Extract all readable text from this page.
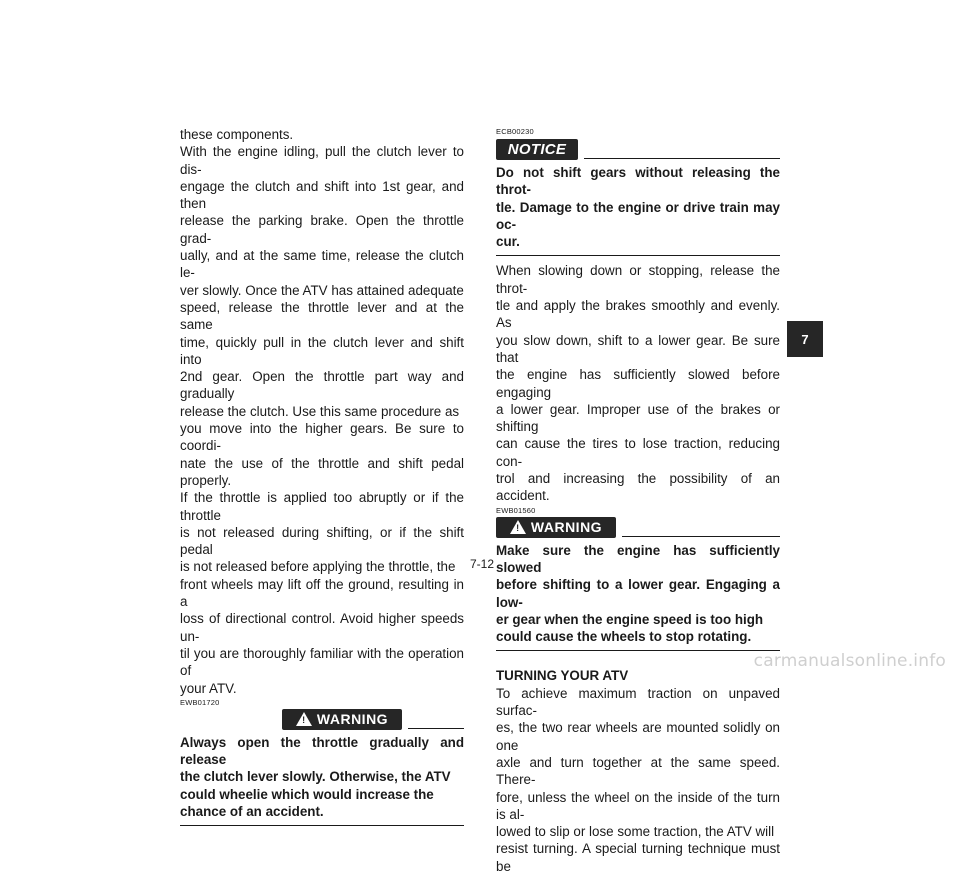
these components.
With the engine idling, pull the clutch lever to dis-
engage the clutch and shift into 1st gear, and then
release the parking brake. Open the throttle grad-
ually, and at the same time, release the clutch le-
ver slowly. Once the ATV has attained adequate
speed, release the throttle lever and at the same
time, quickly pull in the clutch lever and shift into
2nd gear. Open the throttle part way and gradually
release the clutch. Use this same procedure as
you move into the higher gears. Be sure to coordi-
nate the use of the throttle and shift pedal properly.
If the throttle is applied too abruptly or if the throttle
is not released during shifting, or if the shift pedal
is not released before applying the throttle, the
front wheels may lift off the ground, resulting in a
loss of directional control. Avoid higher speeds un-
til you are thoroughly familiar with the operation of
your ATV.
EWB01720
! WARNING
Always open the throttle gradually and release
the clutch lever slowly. Otherwise, the ATV
could wheelie which would increase the
chance of an accident.
ECB00230
NOTICE
Do not shift gears without releasing the throt-
tle. Damage to the engine or drive train may oc-
cur.
When slowing down or stopping, release the throt-
tle and apply the brakes smoothly and evenly. As
you slow down, shift to a lower gear. Be sure that
the engine has sufficiently slowed before engaging
a lower gear. Improper use of the brakes or shifting
can cause the tires to lose traction, reducing con-
trol and increasing the possibility of an accident.
EWB01560
! WARNING
Make sure the engine has sufficiently slowed
before shifting to a lower gear. Engaging a low-
er gear when the engine speed is too high
could cause the wheels to stop rotating.
TURNING YOUR ATV
To achieve maximum traction on unpaved surfac-
es, the two rear wheels are mounted solidly on one
axle and turn together at the same speed. There-
fore, unless the wheel on the inside of the turn is al-
lowed to slip or lose some traction, the ATV will
resist turning. A special turning technique must be
7
7-12
carmanualsonline.info
